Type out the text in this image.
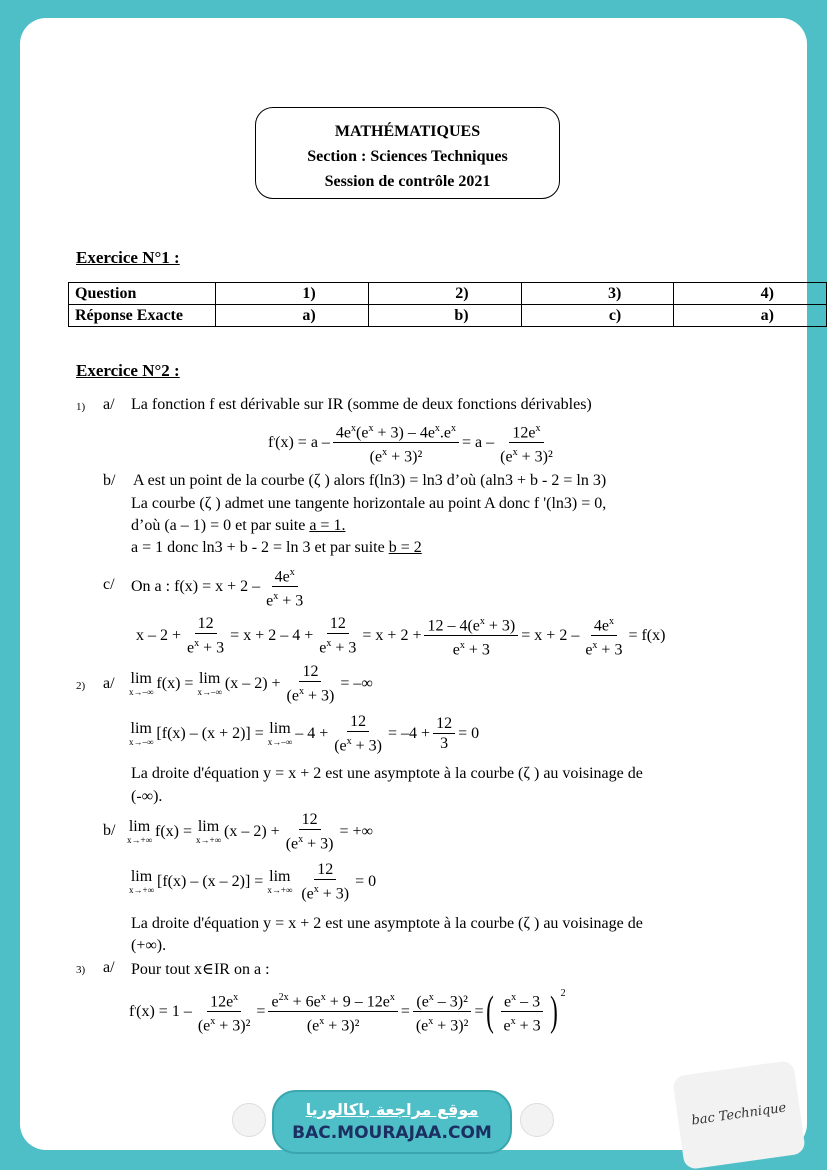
MATHÉMATIQUES
Section : Sciences Techniques
Session de contrôle 2021
Exercice N°1 :
Question	1)	2)	3)	4)
Réponse Exacte	a)	b)	c)	a)
Exercice N°2 :
1) a/ La fonction f est dérivable sur IR (somme de deux fonctions dérivables)
f ' $(x) = a - \frac{4e^x(e^x + 3) - 4e^x.e^x}{(e^x + 3)^2} = a - \frac{12e^x}{(e^x + 3)^2}$
b/ A est un point de la courbe (ζ ) alors f(ln3) = ln3 d’où (aln3 + b - 2 = ln 3)
La courbe (ζ ) admet une tangente horizontale au point A donc f '(ln3) = 0,
d’où (a – 1) = 0 et par suite a = 1.
a = 1 donc ln3 + b - 2 = ln 3 et par suite b = 2
c/ On a : $f(x) = x + 2 - \frac{4e^x}{e^x + 3}$
$x - 2 + \frac{12}{e^x + 3} = x + 2 - 4 + \frac{12}{e^x + 3} = x + 2 + \frac{12 - 4(e^x + 3)}{e^x + 3} = x + 2 - \frac{4e^x}{e^x + 3} = f(x)$
2) a/ lim
x→–∞
f(x) = lim
x→–∞
$(x - 2) + \frac{12}{(e^x + 3)}$ = –∞
lim
x→–∞
[f(x) – (x + 2)] = lim
x→–∞
– $4 + \frac{12}{(e^x + 3)} = -4 + \frac{12}{3} = 0$
La droite d'équation y = x + 2 est une asymptote à la courbe (ζ ) au voisinage de
(-∞).
b/ lim
x→+∞
f(x) = lim
x→+∞
$(x - 2) + \frac{12}{(e^x + 3)}$ = +∞
lim
x→+∞
[f(x) – (x – 2)] = lim
$x\to+\infty \frac{12}{(e^x + 3)} = 0$
La droite d'équation y = x + 2 est une asymptote à la courbe (ζ ) au voisinage de
(+∞).
3) a/ Pour tout x∈IR on a :
f ' $(x) = 1 - \frac{12e^x}{(e^x + 3)^2} = \frac{e^{2x} + 6e^x + 9 - 12e^x}{(e^x + 3)^2} = \frac{(e^x - 3)^2}{(e^x + 3)^2}$ = ( $\frac{e^x - 3}{e^x + 3}$ ) $^2$
موقع مراجعة باكالوريا
BAC.MOURAJAA.COM
bac Technique
